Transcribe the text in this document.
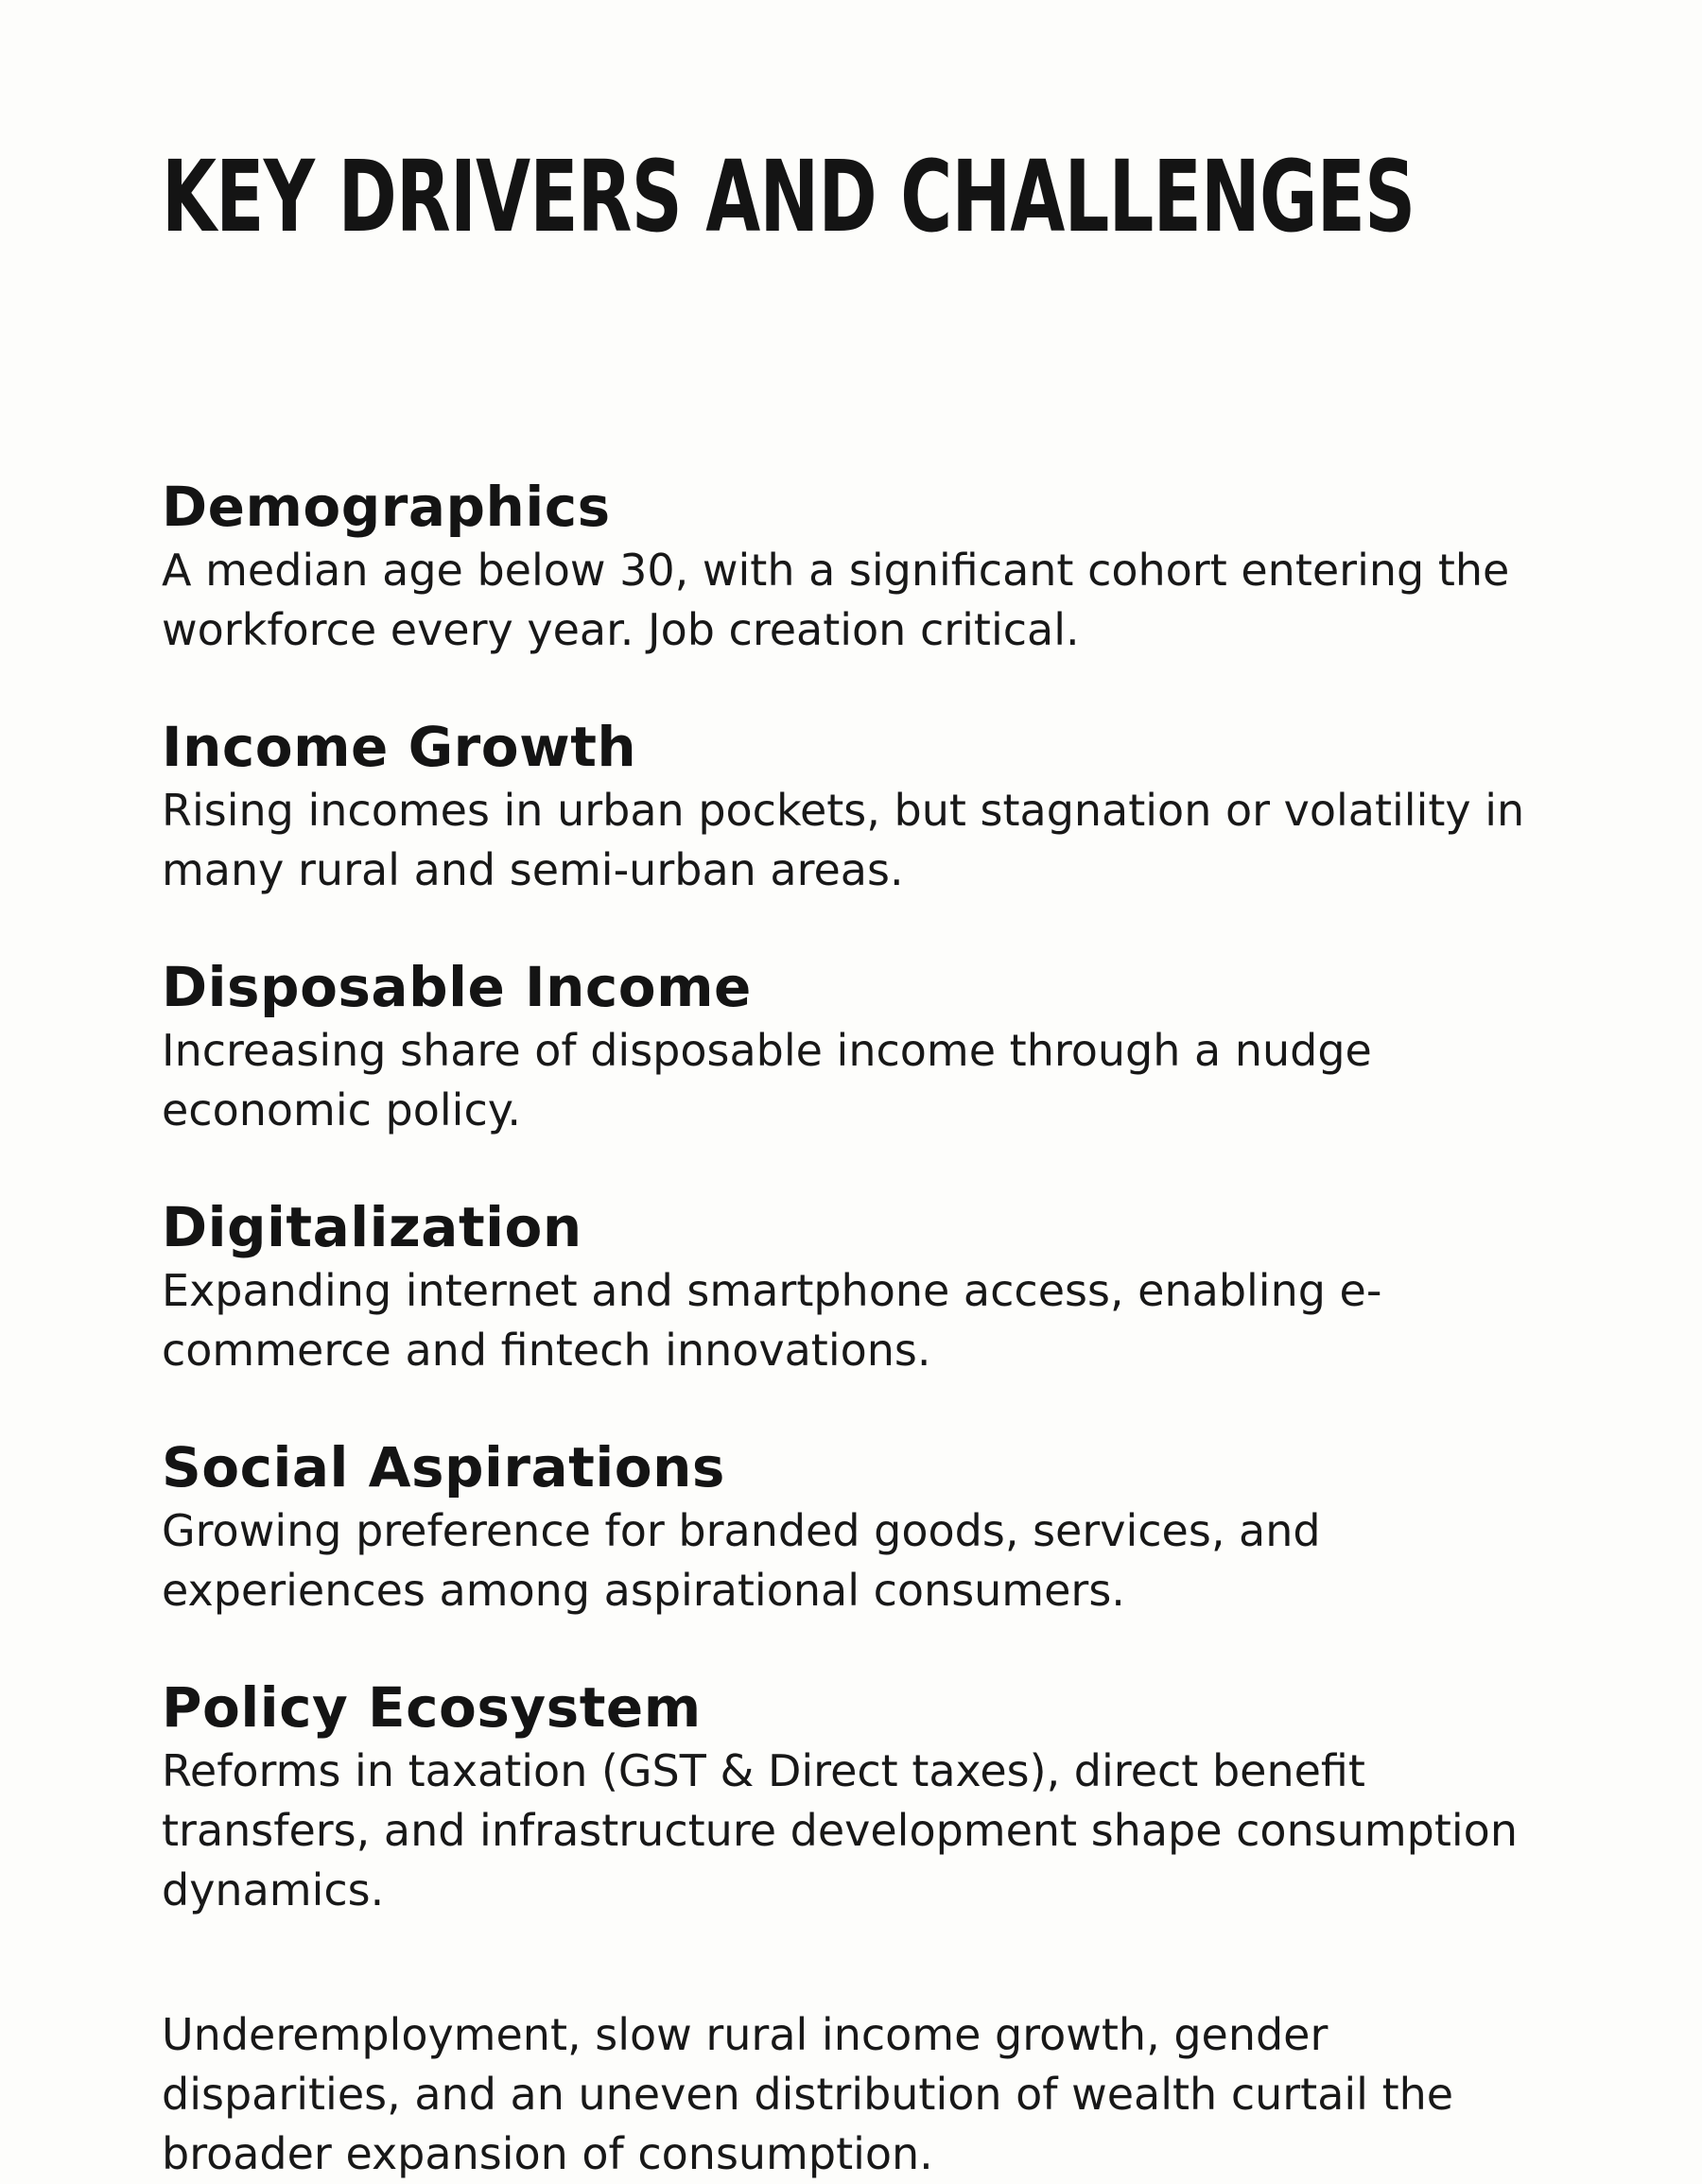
KEY DRIVERS AND CHALLENGES
Demographics

A median age below 30, with a significant cohort entering the workforce every year. Job creation critical.

Income Growth

Rising incomes in urban pockets, but stagnation or volatility in many rural and semi-urban areas.

Disposable Income

Increasing share of disposable income through a nudge economic policy.

Digitalization

Expanding internet and smartphone access, enabling e-commerce and fintech innovations.

Social Aspirations

Growing preference for branded goods, services, and experiences among aspirational consumers.

Policy Ecosystem

Reforms in taxation (GST & Direct taxes), direct benefit transfers, and infrastructure development shape consumption dynamics.

Underemployment, slow rural income growth, gender disparities, and an uneven distribution of wealth curtail the broader expansion of consumption.
